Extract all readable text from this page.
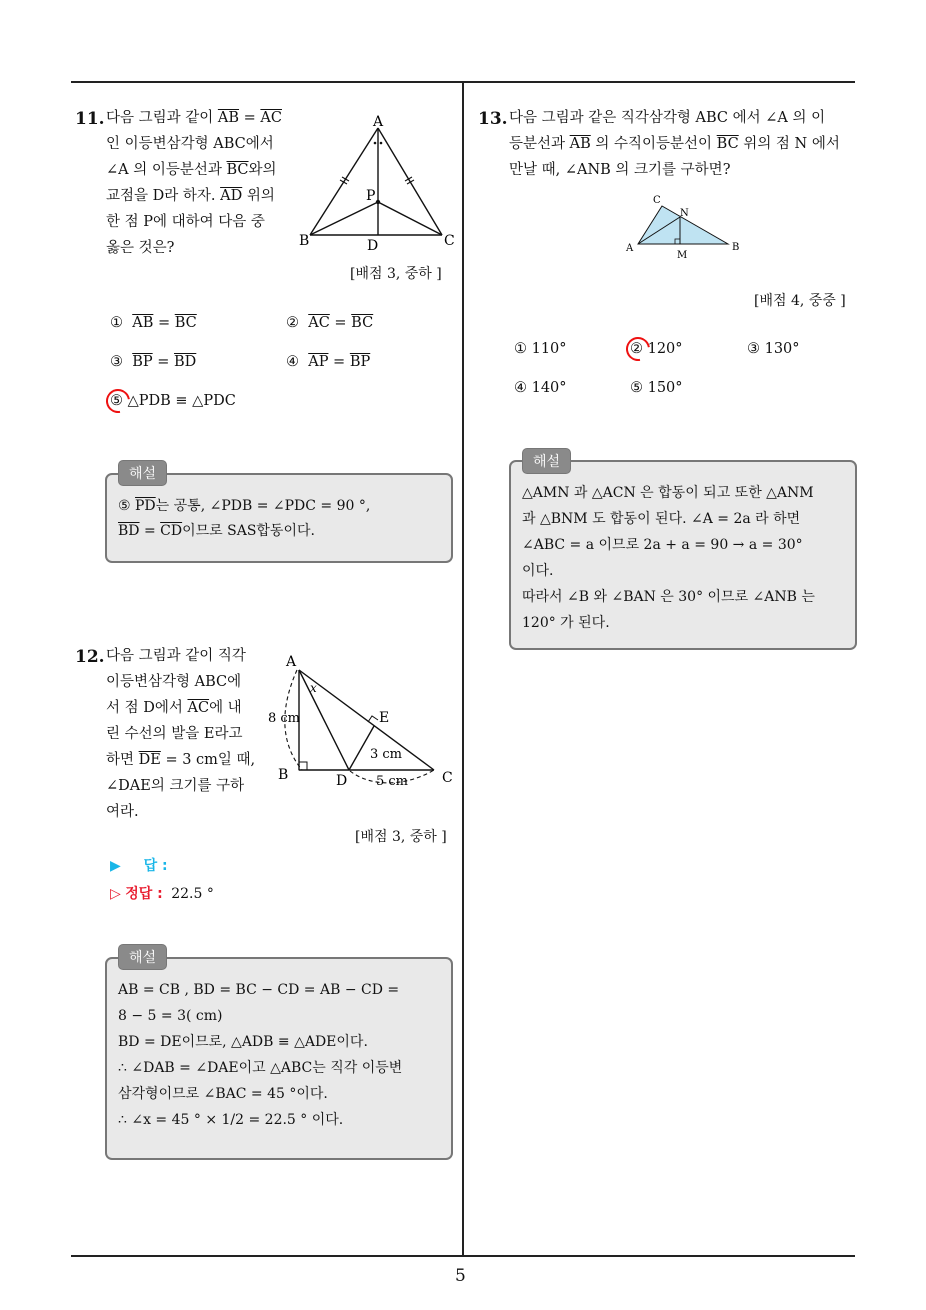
5
11. 다음 그림과 같이 $\overline{AB} = \overline{AC}$
인 이등변삼각형 ABC에서
∠A 의 이등분선과 $\overline{BC}$와의
교점을 D라 하자. $\overline{AD}$ 위의
한 점 P에 대하여 다음 중
옳은 것은?
A
P
B	D	C
[배점 3, 중하 ]
① $\overline{AB} = \overline{BC}$	② $\overline{AC} = \overline{BC}$
③ $\overline{BP} = \overline{BD}$	④ $\overline{AP} = \overline{BP}$
⑤ △PDB ≡ △PDC
해설
⑤ $\overline{PD}$는 공통, ∠PDB = ∠PDC = 90 °,
$\overline{BD} = \overline{CD}$이므로 SAS합동이다.
12. 다음 그림과 같이 직각
이등변삼각형 ABC에
서 점 D에서 $\overline{AC}$에 내
린 수선의 발을 E라고
하면 $\overline{DE} = 3$ cm일 때,
∠DAE의 크기를 구하
여라.
A
x
8 cm	E
3 cm
B	D 5 cm C
[배점 3, 중하 ]
▶ 답 :
▷ 정답 : 22.5 °
해설
AB = CB , BD = BC − CD = AB − CD =
8 − 5 = 3( cm)
BD = DE이므로, △ADB ≡ △ADE이다.
∴ ∠DAB = ∠DAE이고 △ABC는 직각 이등변
삼각형이므로 ∠BAC = 45 °이다.
∴ ∠x = 45 ° × 1/2 = 22.5 ° 이다.
13. 다음 그림과 같은 직각삼각형 ABC 에서 ∠A 의 이
등분선과 $\overline{AB}$ 의 수직이등분선이 $\overline{BC}$ 위의 점 N 에서
만날 때, ∠ANB 의 크기를 구하면?
C
N
A
M
B
[배점 4, 중중 ]
① 110°	② 120°	③ 130°
④ 140°	⑤ 150°
해설
△AMN 과 △ACN 은 합동이 되고 또한 △ANM
과 △BNM 도 합동이 된다. ∠A = 2a 라 하면
∠ABC = a 이므로 2a + a = 90 → a = 30°
이다.
따라서 ∠B 와 ∠BAN 은 30° 이므로 ∠ANB 는
120° 가 된다.
